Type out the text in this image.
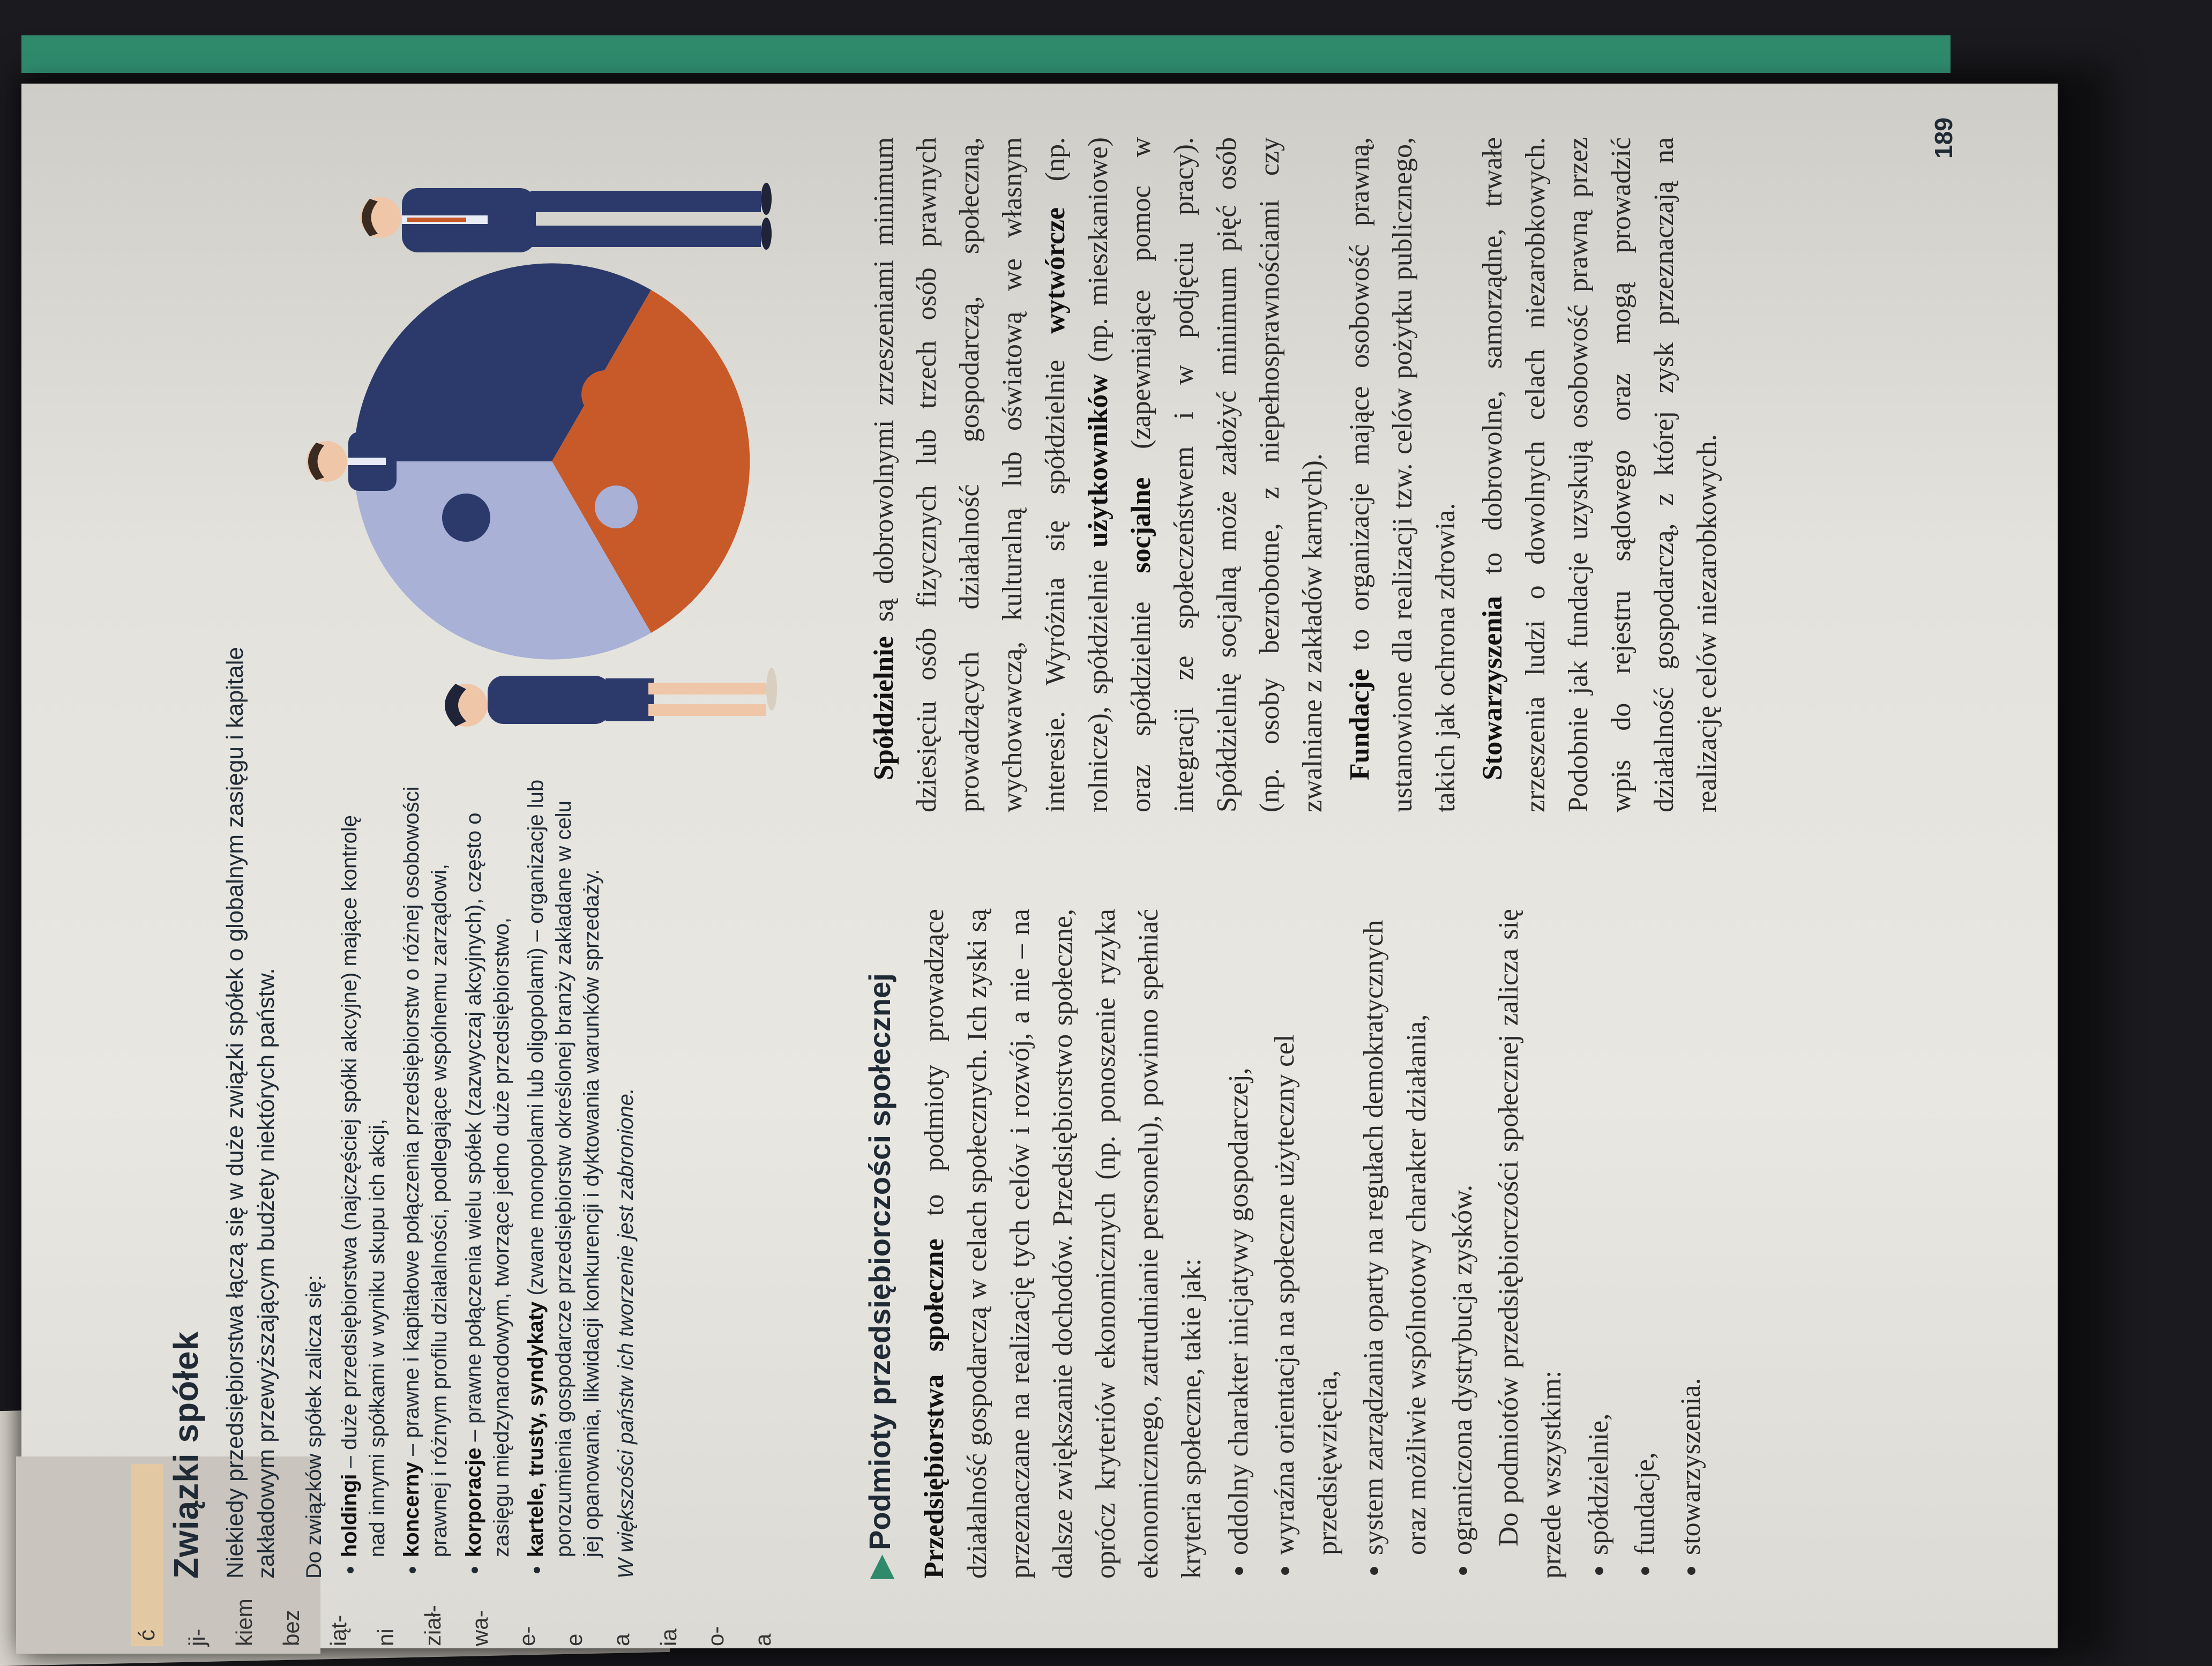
ć ji- kiem bez iąt- ni ział- wa- e- e a ia o- a
Związki spółek Niekiedy przedsiębiorstwa łączą się w duże związki spółek o globalnym zasięgu i kapitale zakładowym przewyższającym budżety niektórych państw. Do związków spółek zalicza się: • holdingi – duże przedsiębiorstwa (najczęściej spółki akcyjne) mające kontrolę nad innymi spółkami w wyniku skupu ich akcji, • koncerny – prawne i kapitałowe połączenia przedsiębiorstw o różnej osobowości prawnej i różnym profilu działalności, podlegające wspólnemu zarządowi, • korporacje – prawne połączenia wielu spółek (zazwyczaj akcyjnych), często o zasięgu międzynarodowym, tworzące jedno duże przedsiębiorstwo, • kartele, trusty, syndykaty (zwane monopolami lub oligopolami) – organizacje lub porozumienia gospodarcze przedsiębiorstw określonej branży zakładane w celu jej opanowania, likwidacji konkurencji i dyktowania warunków sprzedaży. W większości państw ich tworzenie jest zabronione.	▶Podmioty przedsiębiorczości społecznej Przedsiębiorstwa społeczne to podmioty prowadzące działalność gospodarczą w celach społecznych. Ich zyski są przeznaczane na realizację tych celów i rozwój, a nie – na dalsze zwiększanie dochodów. Przedsiębiorstwo społeczne, oprócz kryteriów ekonomicznych (np. ponoszenie ryzyka ekonomicznego, zatrudnianie personelu), powinno spełniać kryteria społeczne, takie jak: • oddolny charakter inicjatywy gospodarczej, • wyraźna orientacja na społeczne użyteczny cel przedsięwzięcia, • system zarządzania oparty na regułach demokratycznych oraz możliwie wspólnotowy charakter działania, • ograniczona dystrybucja zysków. Do podmiotów przedsiębiorczości społecznej zalicza się przede wszystkim: • spółdzielnie, • fundacje, • stowarzyszenia.

Spółdzielnie są dobrowolnymi zrzeszeniami minimum dziesięciu osób fizycznych lub trzech osób prawnych prowadzących działalność gospodarczą, społeczną, wychowawczą, kulturalną lub oświatową we własnym interesie. Wyróżnia się spółdzielnie wytwórcze (np. rolnicze), spółdzielnie użytkowników (np. mieszkaniowe) oraz spółdzielnie socjalne (zapewniające pomoc w integracji ze społeczeństwem i w podjęciu pracy). Spółdzielnię socjalną może założyć minimum pięć osób (np. osoby bezrobotne, z niepełnosprawnościami czy zwalniane z zakładów karnych). Fundacje to organizacje mające osobowość prawną, ustanowione dla realizacji tzw. celów pożytku publicznego, takich jak ochrona zdrowia. Stowarzyszenia to dobrowolne, samorządne, trwałe zrzeszenia ludzi o dowolnych celach niezarobkowych. Podobnie jak fundacje uzyskują osobowość prawną przez wpis do rejestru sądowego oraz mogą prowadzić działalność gospodarczą, z której zysk przeznaczają na realizację celów niezarobkowych.

189
